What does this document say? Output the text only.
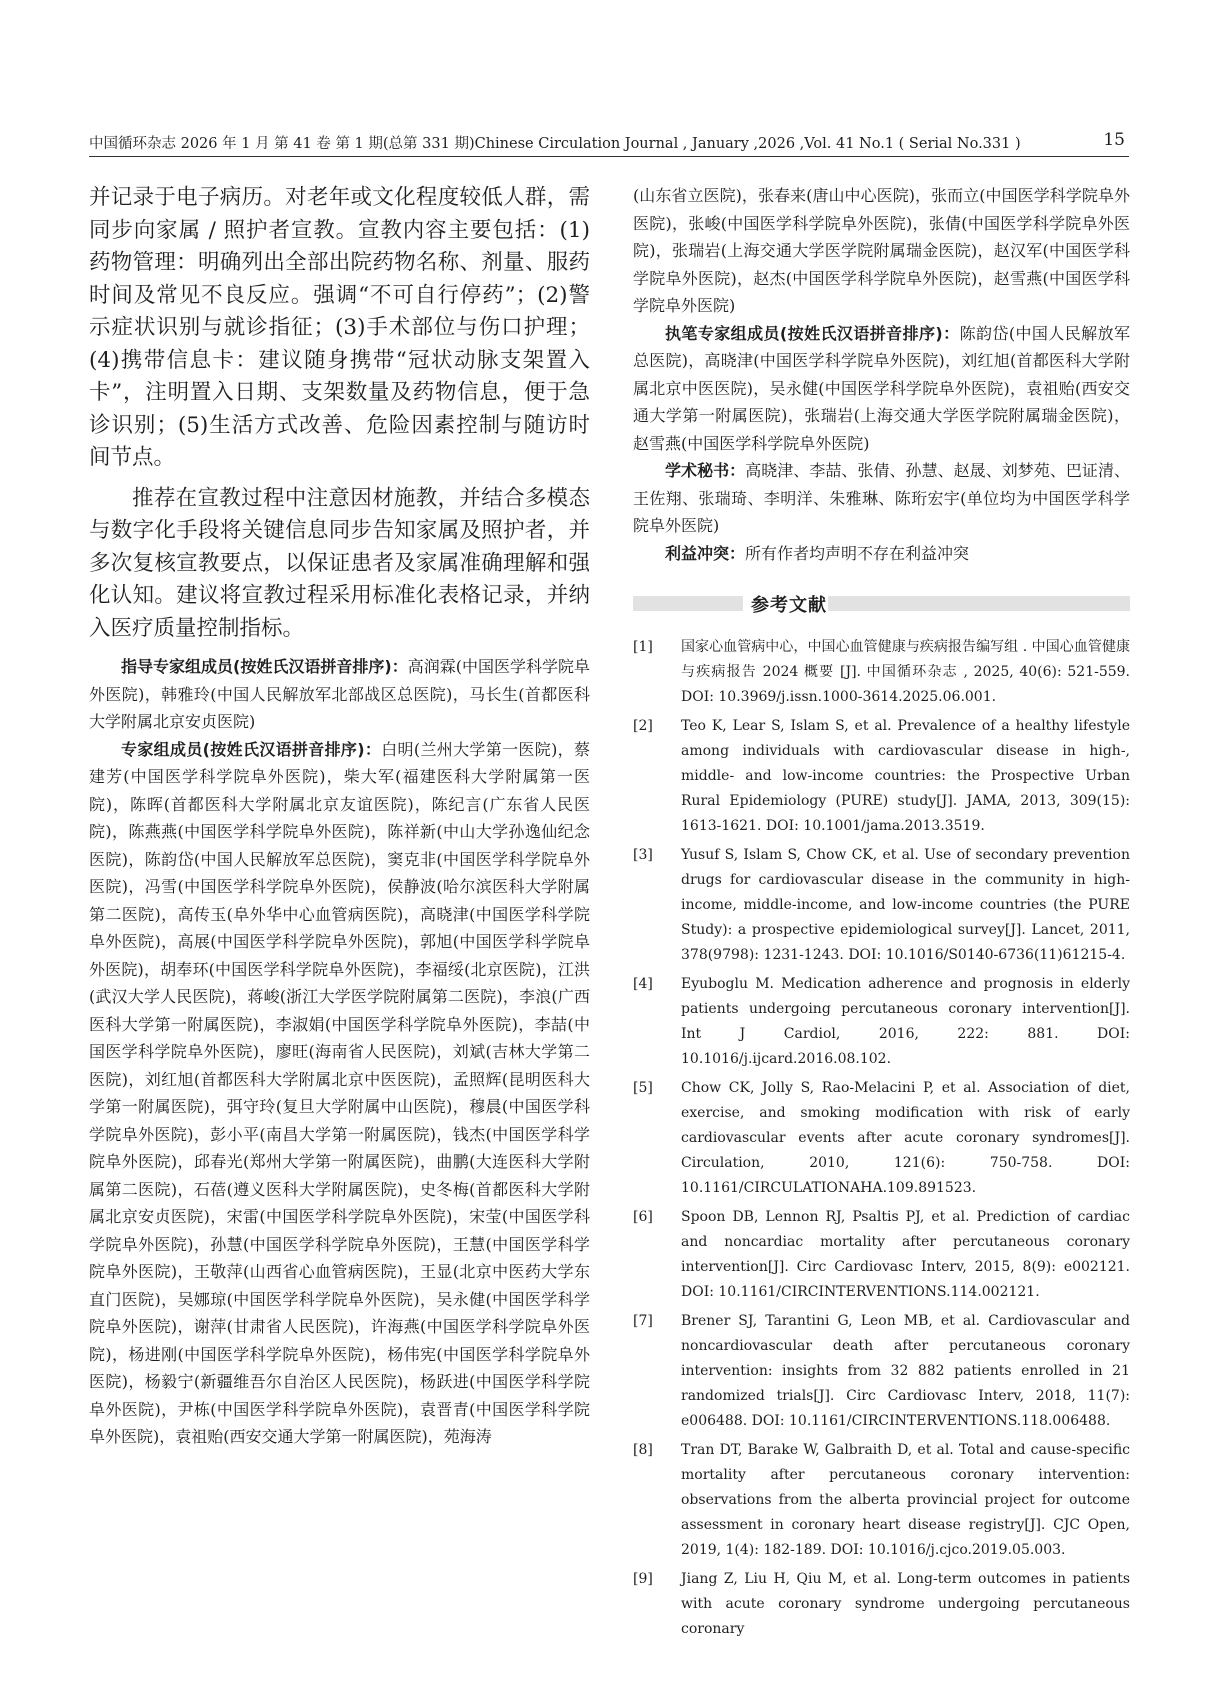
中国循环杂志 2026 年 1 月 第 41 卷 第 1 期(总第 331 期)Chinese Circulation Journal , January ,2026 ,Vol. 41 No.1 ( Serial No.331 )	15
并记录于电子病历。对老年或文化程度较低人群，需同步向家属 / 照护者宣教。宣教内容主要包括：(1)药物管理：明确列出全部出院药物名称、剂量、服药时间及常见不良反应。强调“不可自行停药”；(2)警示症状识别与就诊指征；(3)手术部位与伤口护理；(4)携带信息卡：建议随身携带“冠状动脉支架置入卡”，注明置入日期、支架数量及药物信息，便于急诊识别；(5)生活方式改善、危险因素控制与随访时间节点。
推荐在宣教过程中注意因材施教，并结合多模态与数字化手段将关键信息同步告知家属及照护者，并多次复核宣教要点，以保证患者及家属准确理解和强化认知。建议将宣教过程采用标准化表格记录，并纳入医疗质量控制指标。
指导专家组成员(按姓氏汉语拼音排序)：高润霖(中国医学科学院阜外医院)，韩雅玲(中国人民解放军北部战区总医院)，马长生(首都医科大学附属北京安贞医院)
专家组成员(按姓氏汉语拼音排序)：白明(兰州大学第一医院)，蔡建芳(中国医学科学院阜外医院)，柴大军(福建医科大学附属第一医院)，陈晖(首都医科大学附属北京友谊医院)，陈纪言(广东省人民医院)，陈燕燕(中国医学科学院阜外医院)，陈祥新(中山大学孙逸仙纪念医院)，陈韵岱(中国人民解放军总医院)，窦克非(中国医学科学院阜外医院)，冯雪(中国医学科学院阜外医院)，侯静波(哈尔滨医科大学附属第二医院)，高传玉(阜外华中心血管病医院)，高晓津(中国医学科学院阜外医院)，高展(中国医学科学院阜外医院)，郭旭(中国医学科学院阜外医院)，胡奉环(中国医学科学院阜外医院)，李福绥(北京医院)，江洪(武汉大学人民医院)，蒋峻(浙江大学医学院附属第二医院)，李浪(广西医科大学第一附属医院)，李淑娟(中国医学科学院阜外医院)，李喆(中国医学科学院阜外医院)，廖旺(海南省人民医院)，刘斌(吉林大学第二医院)，刘红旭(首都医科大学附属北京中医医院)，孟照辉(昆明医科大学第一附属医院)，弭守玲(复旦大学附属中山医院)，穆晨(中国医学科学院阜外医院)，彭小平(南昌大学第一附属医院)，钱杰(中国医学科学院阜外医院)，邱春光(郑州大学第一附属医院)，曲鹏(大连医科大学附属第二医院)，石蓓(遵义医科大学附属医院)，史冬梅(首都医科大学附属北京安贞医院)，宋雷(中国医学科学院阜外医院)，宋莹(中国医学科学院阜外医院)，孙慧(中国医学科学院阜外医院)，王慧(中国医学科学院阜外医院)，王敬萍(山西省心血管病医院)，王显(北京中医药大学东直门医院)，吴娜琼(中国医学科学院阜外医院)，吴永健(中国医学科学院阜外医院)，谢萍(甘肃省人民医院)，许海燕(中国医学科学院阜外医院)，杨进刚(中国医学科学院阜外医院)，杨伟宪(中国医学科学院阜外医院)，杨毅宁(新疆维吾尔自治区人民医院)，杨跃进(中国医学科学院阜外医院)，尹栋(中国医学科学院阜外医院)，袁晋青(中国医学科学院阜外医院)，袁祖贻(西安交通大学第一附属医院)，苑海涛
(山东省立医院)，张春来(唐山中心医院)，张而立(中国医学科学院阜外医院)，张峻(中国医学科学院阜外医院)，张倩(中国医学科学院阜外医院)，张瑞岩(上海交通大学医学院附属瑞金医院)，赵汉军(中国医学科学院阜外医院)，赵杰(中国医学科学院阜外医院)，赵雪燕(中国医学科学院阜外医院)
执笔专家组成员(按姓氏汉语拼音排序)：陈韵岱(中国人民解放军总医院)，高晓津(中国医学科学院阜外医院)，刘红旭(首都医科大学附属北京中医医院)，吴永健(中国医学科学院阜外医院)，袁祖贻(西安交通大学第一附属医院)，张瑞岩(上海交通大学医学院附属瑞金医院)，赵雪燕(中国医学科学院阜外医院)
学术秘书：高晓津、李喆、张倩、孙慧、赵晟、刘梦苑、巴证清、王佐翔、张瑞琦、李明洋、朱雅琳、陈珩宏宇(单位均为中国医学科学院阜外医院)
利益冲突：所有作者均声明不存在利益冲突
参考文献
[1] 国家心血管病中心，中国心血管健康与疾病报告编写组 . 中国心血管健康与疾病报告 2024 概要 [J]. 中国循环杂志 , 2025, 40(6): 521-559. DOI: 10.3969/j.issn.1000-3614.2025.06.001.
[2] Teo K, Lear S, Islam S, et al. Prevalence of a healthy lifestyle among individuals with cardiovascular disease in high-, middle- and low-income countries: the Prospective Urban Rural Epidemiology (PURE) study[J]. JAMA, 2013, 309(15): 1613-1621. DOI: 10.1001/jama.2013.3519.
[3] Yusuf S, Islam S, Chow CK, et al. Use of secondary prevention drugs for cardiovascular disease in the community in high-income, middle-income, and low-income countries (the PURE Study): a prospective epidemiological survey[J]. Lancet, 2011, 378(9798): 1231-1243. DOI: 10.1016/S0140-6736(11)61215-4.
[4] Eyuboglu M. Medication adherence and prognosis in elderly patients undergoing percutaneous coronary intervention[J]. Int J Cardiol, 2016, 222: 881. DOI: 10.1016/j.ijcard.2016.08.102.
[5] Chow CK, Jolly S, Rao-Melacini P, et al. Association of diet, exercise, and smoking modification with risk of early cardiovascular events after acute coronary syndromes[J]. Circulation, 2010, 121(6): 750-758. DOI: 10.1161/CIRCULATIONAHA.109.891523.
[6] Spoon DB, Lennon RJ, Psaltis PJ, et al. Prediction of cardiac and noncardiac mortality after percutaneous coronary intervention[J]. Circ Cardiovasc Interv, 2015, 8(9): e002121. DOI: 10.1161/CIRCINTERVENTIONS.114.002121.
[7] Brener SJ, Tarantini G, Leon MB, et al. Cardiovascular and noncardiovascular death after percutaneous coronary intervention: insights from 32 882 patients enrolled in 21 randomized trials[J]. Circ Cardiovasc Interv, 2018, 11(7): e006488. DOI: 10.1161/CIRCINTERVENTIONS.118.006488.
[8] Tran DT, Barake W, Galbraith D, et al. Total and cause-specific mortality after percutaneous coronary intervention: observations from the alberta provincial project for outcome assessment in coronary heart disease registry[J]. CJC Open, 2019, 1(4): 182-189. DOI: 10.1016/j.cjco.2019.05.003.
[9] Jiang Z, Liu H, Qiu M, et al. Long-term outcomes in patients with acute coronary syndrome undergoing percutaneous coronary
